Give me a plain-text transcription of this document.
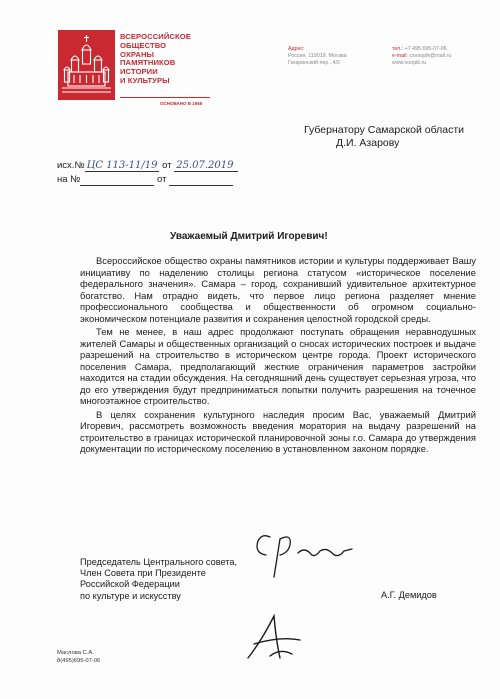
ВСЕРОССИЙСКОЕ
ОБЩЕСТВО
ОХРАНЫ
ПАМЯТНИКОВ
ИСТОРИИ
И КУЛЬТУРЫ
ОСНОВАНО В 1966
Адрес:
Россия, 119019, Москва
Гагаринский пер., 4/2
тел.: +7 495 695-07-06
e-mail: csvoopik@mail.ru
www.voopik.ru
Губернатору Самарской области
Д.И. Азарову
исх.№ ЦС 113-11/19 от 25.07.2019
на №	от
Уважаемый Дмитрий Игоревич!

Всероссийское общество охраны памятников истории и культуры поддерживает Вашу инициативу по наделению столицы региона статусом «историческое поселение федерального значения». Самара – город, сохранивший удивительное архитектурное богатство. Нам отрадно видеть, что первое лицо региона разделяет мнение профессионального сообщества и общественности об огромном социально-экономическом потенциале развития и сохранения целостной городской среды.

Тем не менее, в наш адрес продолжают поступать обращения неравнодушных жителей Самары и общественных организаций о сносах исторических построек и выдаче разрешений на строительство в историческом центре города. Проект исторического поселения Самара, предполагающий жесткие ограничения параметров застройки находится на стадии обсуждения. На сегодняшний день существует серьезная угроза, что до его утверждения будут предприниматься попытки получить разрешения на точечное многоэтажное строительство.

В целях сохранения культурного наследия просим Вас, уважаемый Дмитрий Игоревич, рассмотреть возможность введения моратория на выдачу разрешений на строительство в границах исторической планировочной зоны г.о. Самара до утверждения документации по историческому поселению в установленном законом порядке.

Председатель Центрального совета,
Член Совета при Президенте
Российской Федерации
по культуре и искусству	А.Г. Демидов
Маслова С.А.
8(495)695-07-06
